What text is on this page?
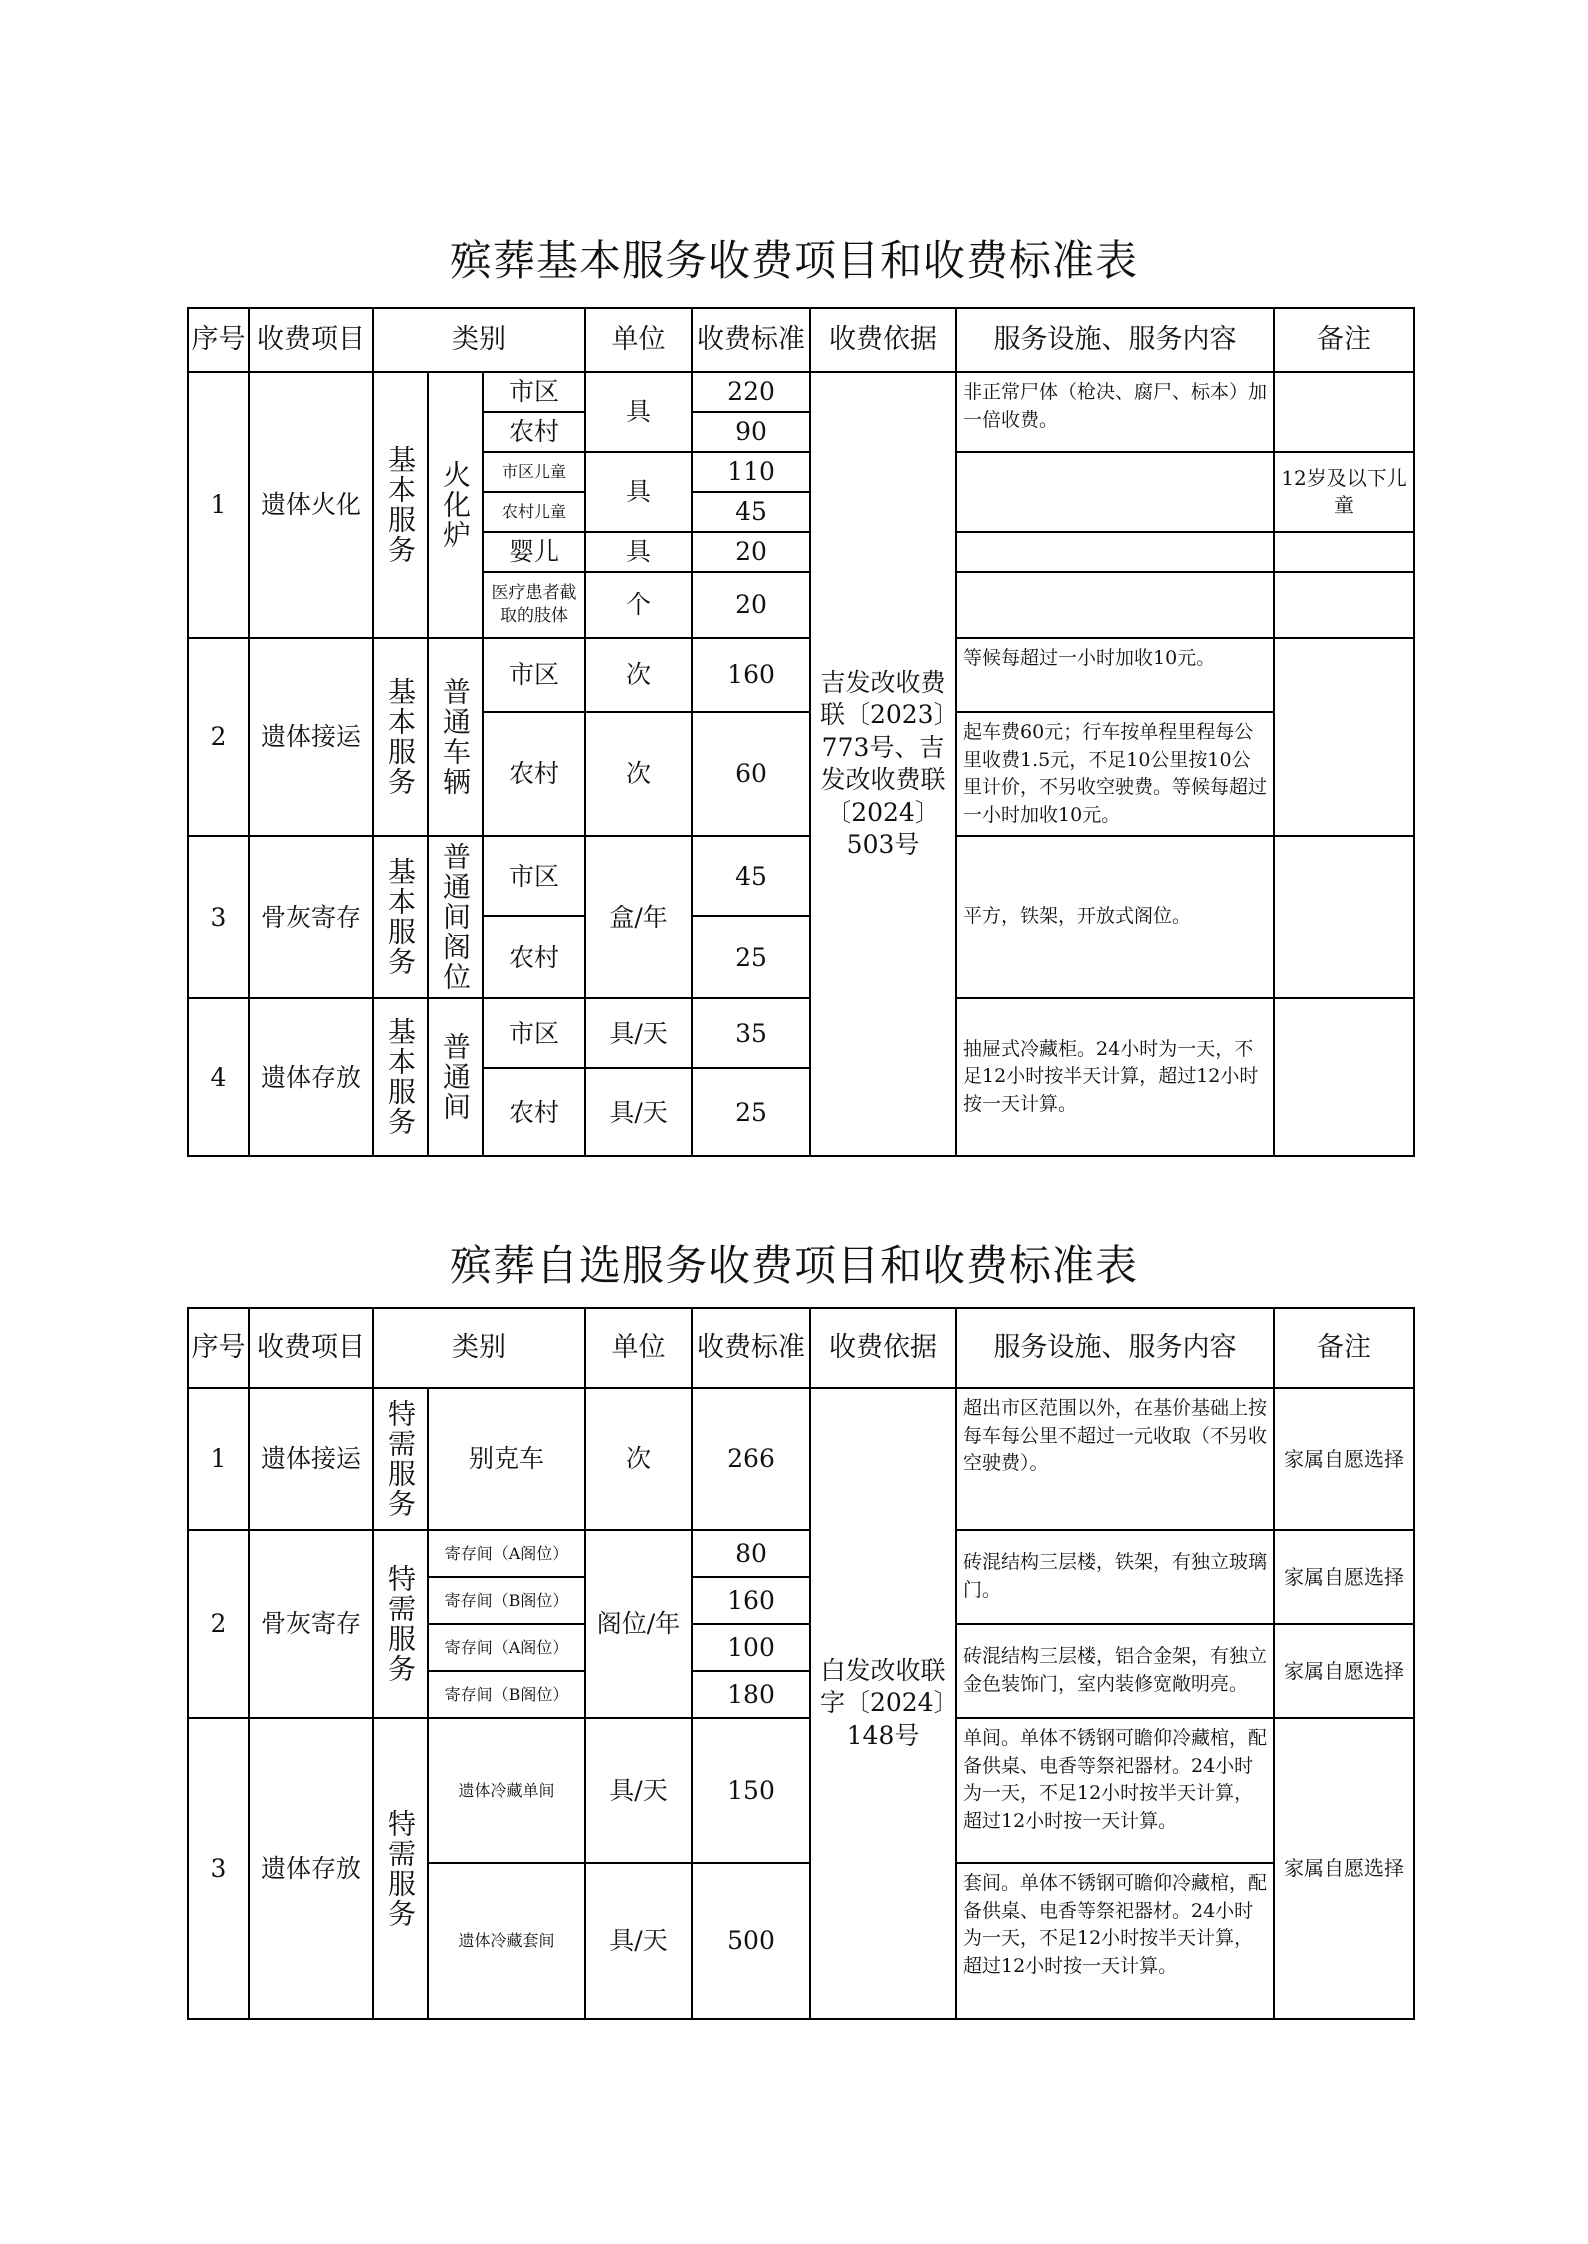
殡葬基本服务收费项目和收费标准表
序号	收费项目	类别			单位	收费标准	收费依据	服务设施、服务内容	备注
1	遗体火化	基本服务	火化炉	市区	具	220	吉发改收费联〔2023〕773号、吉发改收费联〔2024〕503号	非正常尸体（枪决、腐尸、标本）加一倍收费。	
				农村		90			
				市区儿童	具	110			12岁及以下儿童
				农村儿童		45			
				婴儿	具	20			
				医疗患者截取的肢体	个	20			
2	遗体接运	基本服务	普通车辆	市区	次	160		等候每超过一小时加收10元。	
				农村	次	60		起车费60元；行车按单程里程每公里收费1.5元，不足10公里按10公里计价，不另收空驶费。等候每超过一小时加收10元。	

3	骨灰寄存	基本服务	普通间阁位	市区	盒/年	45		平方，铁架，开放式阁位。	
				农村		25			
4	遗体存放	基本服务	普通间	市区	具/天	35		抽屉式冷藏柜。24小时为一天，不足12小时按半天计算，超过12小时按一天计算。	
				农村	具/天	25			
殡葬自选服务收费项目和收费标准表
序号	收费项目	类别		单位	收费标准	收费依据	服务设施、服务内容	备注
1	遗体接运	特需服务	别克车	次	266	白发改收联字〔2024〕148号	超出市区范围以外，在基价基础上按每车每公里不超过一元收取（不另收空驶费）。	家属自愿选择
2	骨灰寄存	特需服务	寄存间（A阁位）	阁位/年	80		砖混结构三层楼，铁架，有独立玻璃门。	家属自愿选择
			寄存间（B阁位）		160			
			寄存间（A阁位）		100		砖混结构三层楼，铝合金架，有独立金色装饰门，室内装修宽敞明亮。	家属自愿选择
			寄存间（B阁位）		180			
3	遗体存放	特需服务	遗体冷藏单间	具/天	150		单间。单体不锈钢可瞻仰冷藏棺，配备供桌、电香等祭祀器材。24小时为一天，不足12小时按半天计算，超过12小时按一天计算。	家属自愿选择
			遗体冷藏套间	具/天	500		套间。单体不锈钢可瞻仰冷藏棺，配备供桌、电香等祭祀器材。24小时为一天，不足12小时按半天计算，超过12小时按一天计算。	
